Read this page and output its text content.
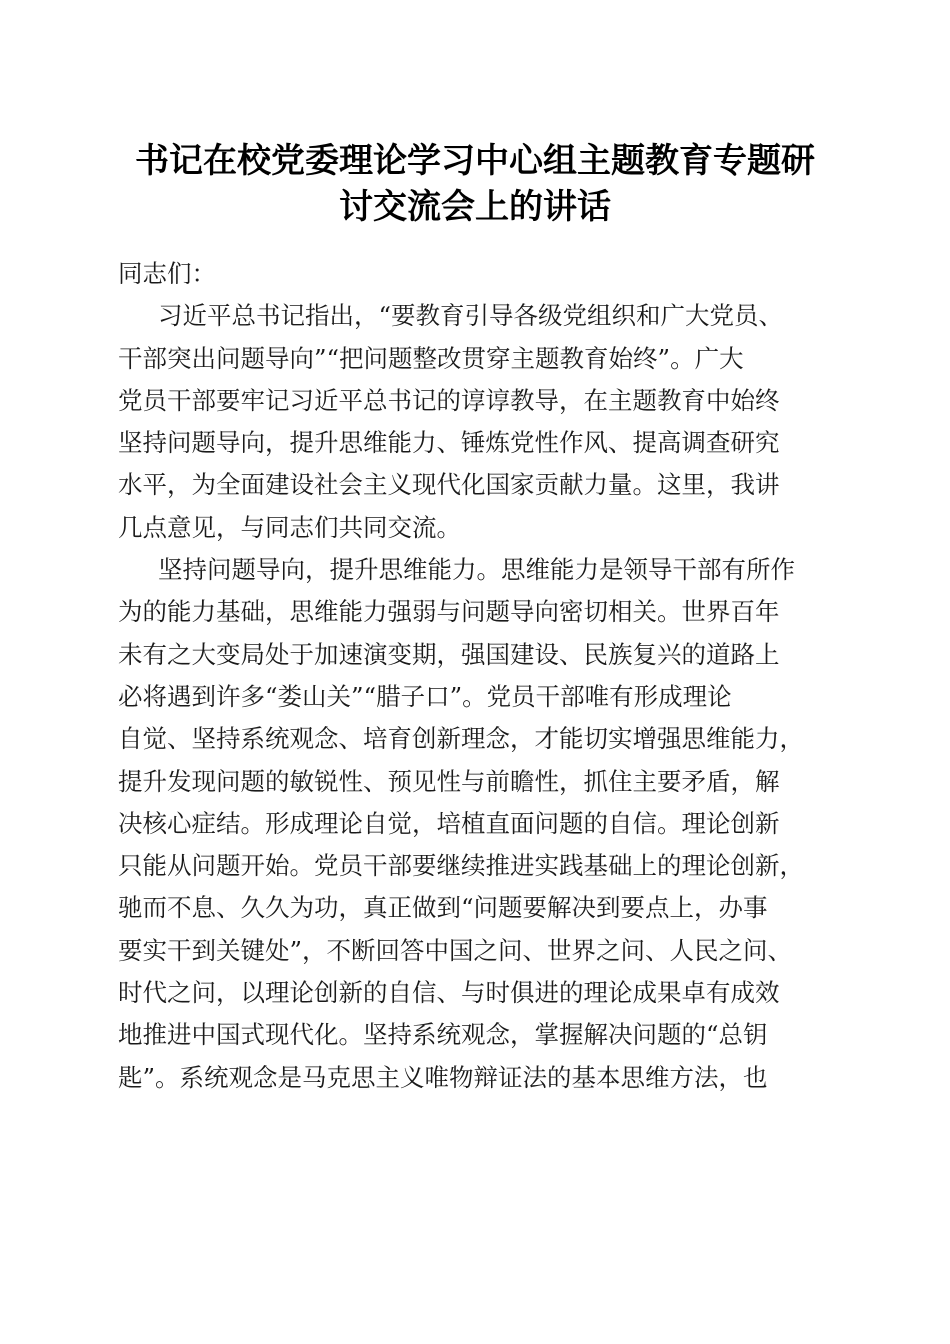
书记在校党委理论学习中心组主题教育专题研
讨交流会上的讲话
同志们：
习近平总书记指出，“要教育引导各级党组织和广大党员、
干部突出问题导向”“把问题整改贯穿主题教育始终”。广大
党员干部要牢记习近平总书记的谆谆教导，在主题教育中始终
坚持问题导向，提升思维能力、锤炼党性作风、提高调查研究
水平，为全面建设社会主义现代化国家贡献力量。这里，我讲
几点意见，与同志们共同交流。
坚持问题导向，提升思维能力。思维能力是领导干部有所作
为的能力基础，思维能力强弱与问题导向密切相关。世界百年
未有之大变局处于加速演变期，强国建设、民族复兴的道路上
必将遇到许多“娄山关”“腊子口”。党员干部唯有形成理论
自觉、坚持系统观念、培育创新理念，才能切实增强思维能力，
提升发现问题的敏锐性、预见性与前瞻性，抓住主要矛盾，解
决核心症结。形成理论自觉，培植直面问题的自信。理论创新
只能从问题开始。党员干部要继续推进实践基础上的理论创新，
驰而不息、久久为功，真正做到“问题要解决到要点上，办事
要实干到关键处”，不断回答中国之问、世界之问、人民之问、
时代之问，以理论创新的自信、与时俱进的理论成果卓有成效
地推进中国式现代化。坚持系统观念，掌握解决问题的“总钥
匙”。系统观念是马克思主义唯物辩证法的基本思维方法，也
